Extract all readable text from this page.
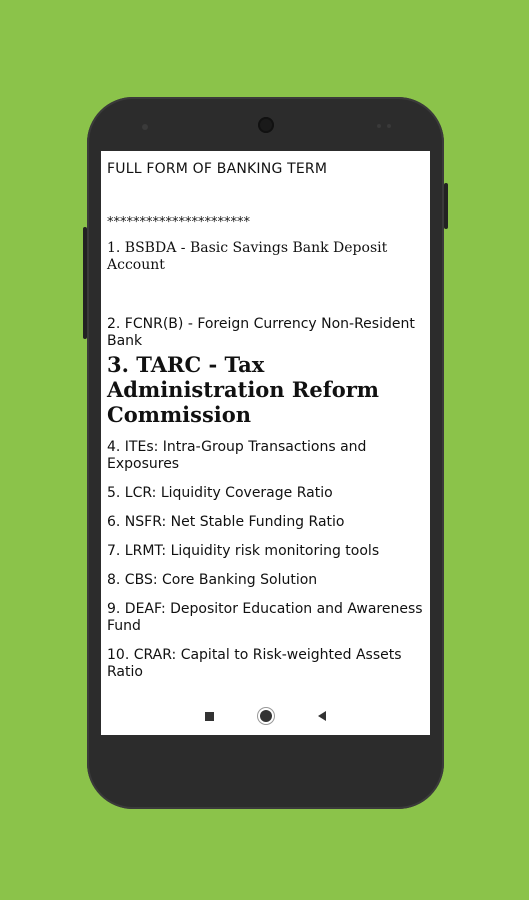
FULL FORM OF BANKING TERM

**********************

1. BSBDA - Basic Savings Bank Deposit Account

2. FCNR(B) - Foreign Currency Non-Resident Bank

3. TARC - Tax Administration Reform Commission

4. ITEs: Intra-Group Transactions and Exposures

5. LCR: Liquidity Coverage Ratio

6. NSFR: Net Stable Funding Ratio

7. LRMT: Liquidity risk monitoring tools

8. CBS: Core Banking Solution

9. DEAF: Depositor Education and Awareness Fund

10. CRAR: Capital to Risk-weighted Assets Ratio
